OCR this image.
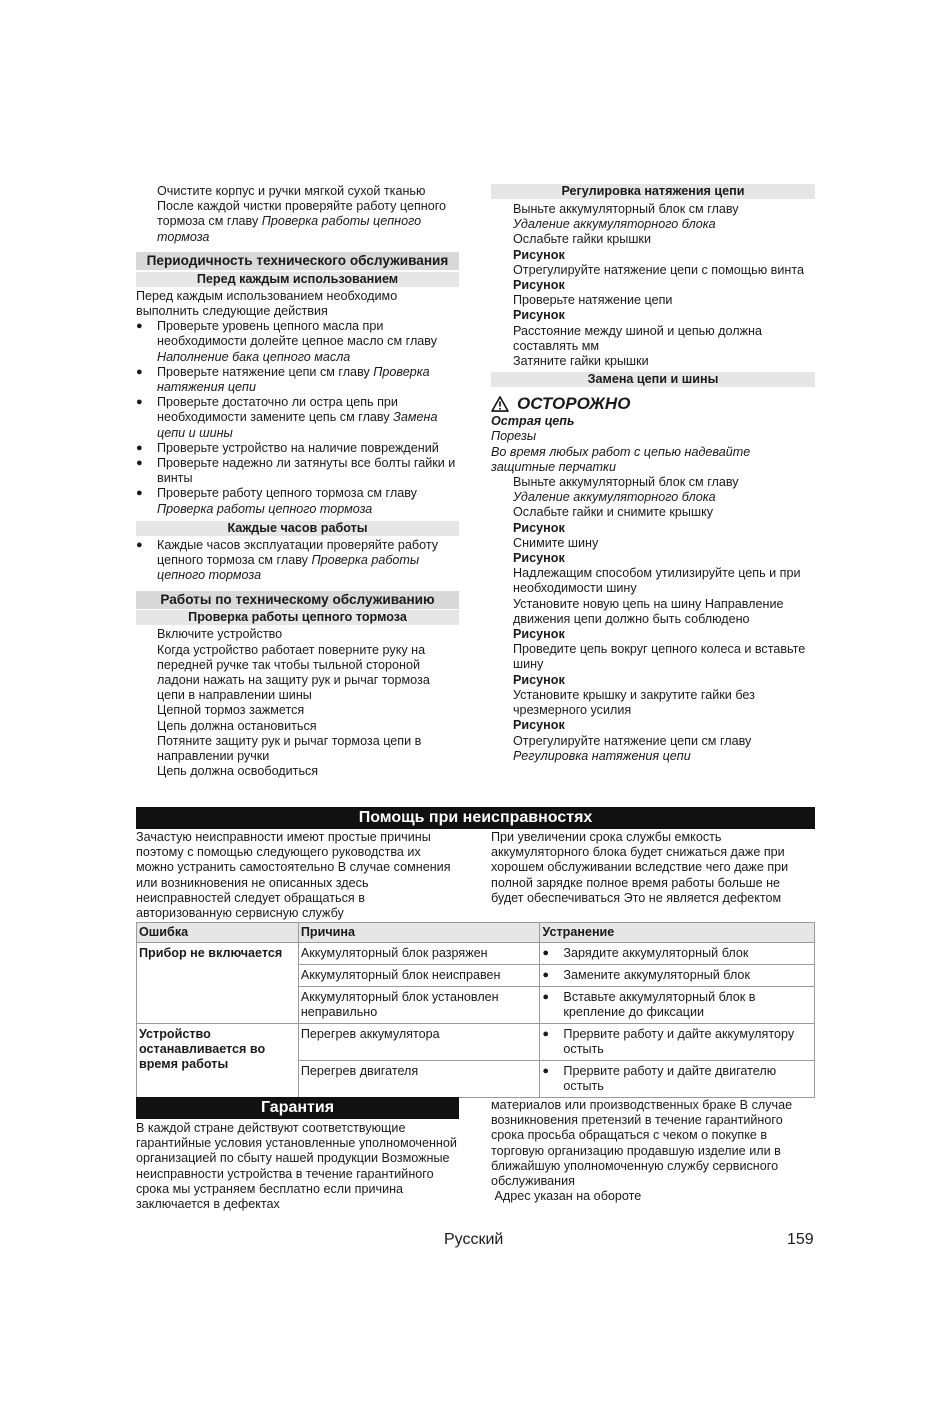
Очистите корпус и ручки мягкой сухой тканью

После каждой чистки проверяйте работу цепного тормоза см главу Проверка работы цепного тормоза

Периодичность технического обслуживания
Перед каждым использованием

Перед каждым использованием необходимо выполнить следующие действия

● Проверьте уровень цепного масла при необходимости долейте цепное масло см главу Наполнение бака цепного масла
● Проверьте натяжение цепи см главу Проверка натяжения цепи
● Проверьте достаточно ли остра цепь при необходимости замените цепь см главу Замена цепи и шины
● Проверьте устройство на наличие повреждений
● Проверьте надежно ли затянуты все болты гайки и винты
● Проверьте работу цепного тормоза см главу Проверка работы цепного тормоза
Каждые часов работы
● Каждые часов эксплуатации проверяйте работу цепного тормоза см главу Проверка работы цепного тормоза
Работы по техническому обслуживанию
Проверка работы цепного тормоза

Включите устройство

Когда устройство работает поверните руку на передней ручке так чтобы тыльной стороной ладони нажать на защиту рук и рычаг тормоза цепи в направлении шины

Цепной тормоз зажмется

Цепь должна остановиться

Потяните защиту рук и рычаг тормоза цепи в направлении ручки

Цепь должна освободиться

Регулировка натяжения цепи

Выньте аккумуляторный блок см главу

Удаление аккумуляторного блока

Ослабьте гайки крышки

Рисунок

Отрегулируйте натяжение цепи с помощью винта

Рисунок

Проверьте натяжение цепи

Рисунок

Расстояние между шиной и цепью должна составлять мм

Затяните гайки крышки

Замена цепи и шины
ОСТОРОЖНО

Острая цепь

Порезы

Во время любых работ с цепью надевайте защитные перчатки

Выньте аккумуляторный блок см главу

Удаление аккумуляторного блока

Ослабьте гайки и снимите крышку

Рисунок

Снимите шину

Рисунок

Надлежащим способом утилизируйте цепь и при необходимости шину

Установите новую цепь на шину Направление движения цепи должно быть соблюдено

Рисунок

Проведите цепь вокруг цепного колеса и вставьте шину

Рисунок

Установите крышку и закрутите гайки без чрезмерного усилия

Рисунок

Отрегулируйте натяжение цепи см главу

Регулировка натяжения цепи

Помощь при неисправностях
Зачастую неисправности имеют простые причины поэтому с помощью следующего руководства их можно устранить самостоятельно В случае сомнения или возникновения не описанных здесь неисправностей следует обращаться в авторизованную сервисную службу
При увеличении срока службы емкость аккумуляторного блока будет снижаться даже при хорошем обслуживании вследствие чего даже при полной зарядке полное время работы больше не будет обеспечиваться Это не является дефектом
Ошибка	Причина	Устранение
Прибор не включается	Аккумуляторный блок разряжен	● Зарядите аккумуляторный блок

	Аккумуляторный блок неисправен	● Замените аккумуляторный блок

	Аккумуляторный блок установлен неправильно	● Вставьте аккумуляторный блок в крепление до фиксации

Устройство останавливается во время работы	Перегрев аккумулятора	● Прервите работу и дайте аккумулятору остыть

	Перегрев двигателя	● Прервите работу и дайте двигателю остыть
Гарантия
В каждой стране действуют соответствующие гарантийные условия установленные уполномоченной организацией по сбыту нашей продукции Возможные неисправности устройства в течение гарантийного срока мы устраняем бесплатно если причина заключается в дефектах

материалов или производственных браке В случае возникновения претензий в течение гарантийного срока просьба обращаться с чеком о покупке в торговую организацию продавшую изделие или в ближайшую уполномоченную службу сервисного обслуживания

Адрес указан на обороте

Русский	159
